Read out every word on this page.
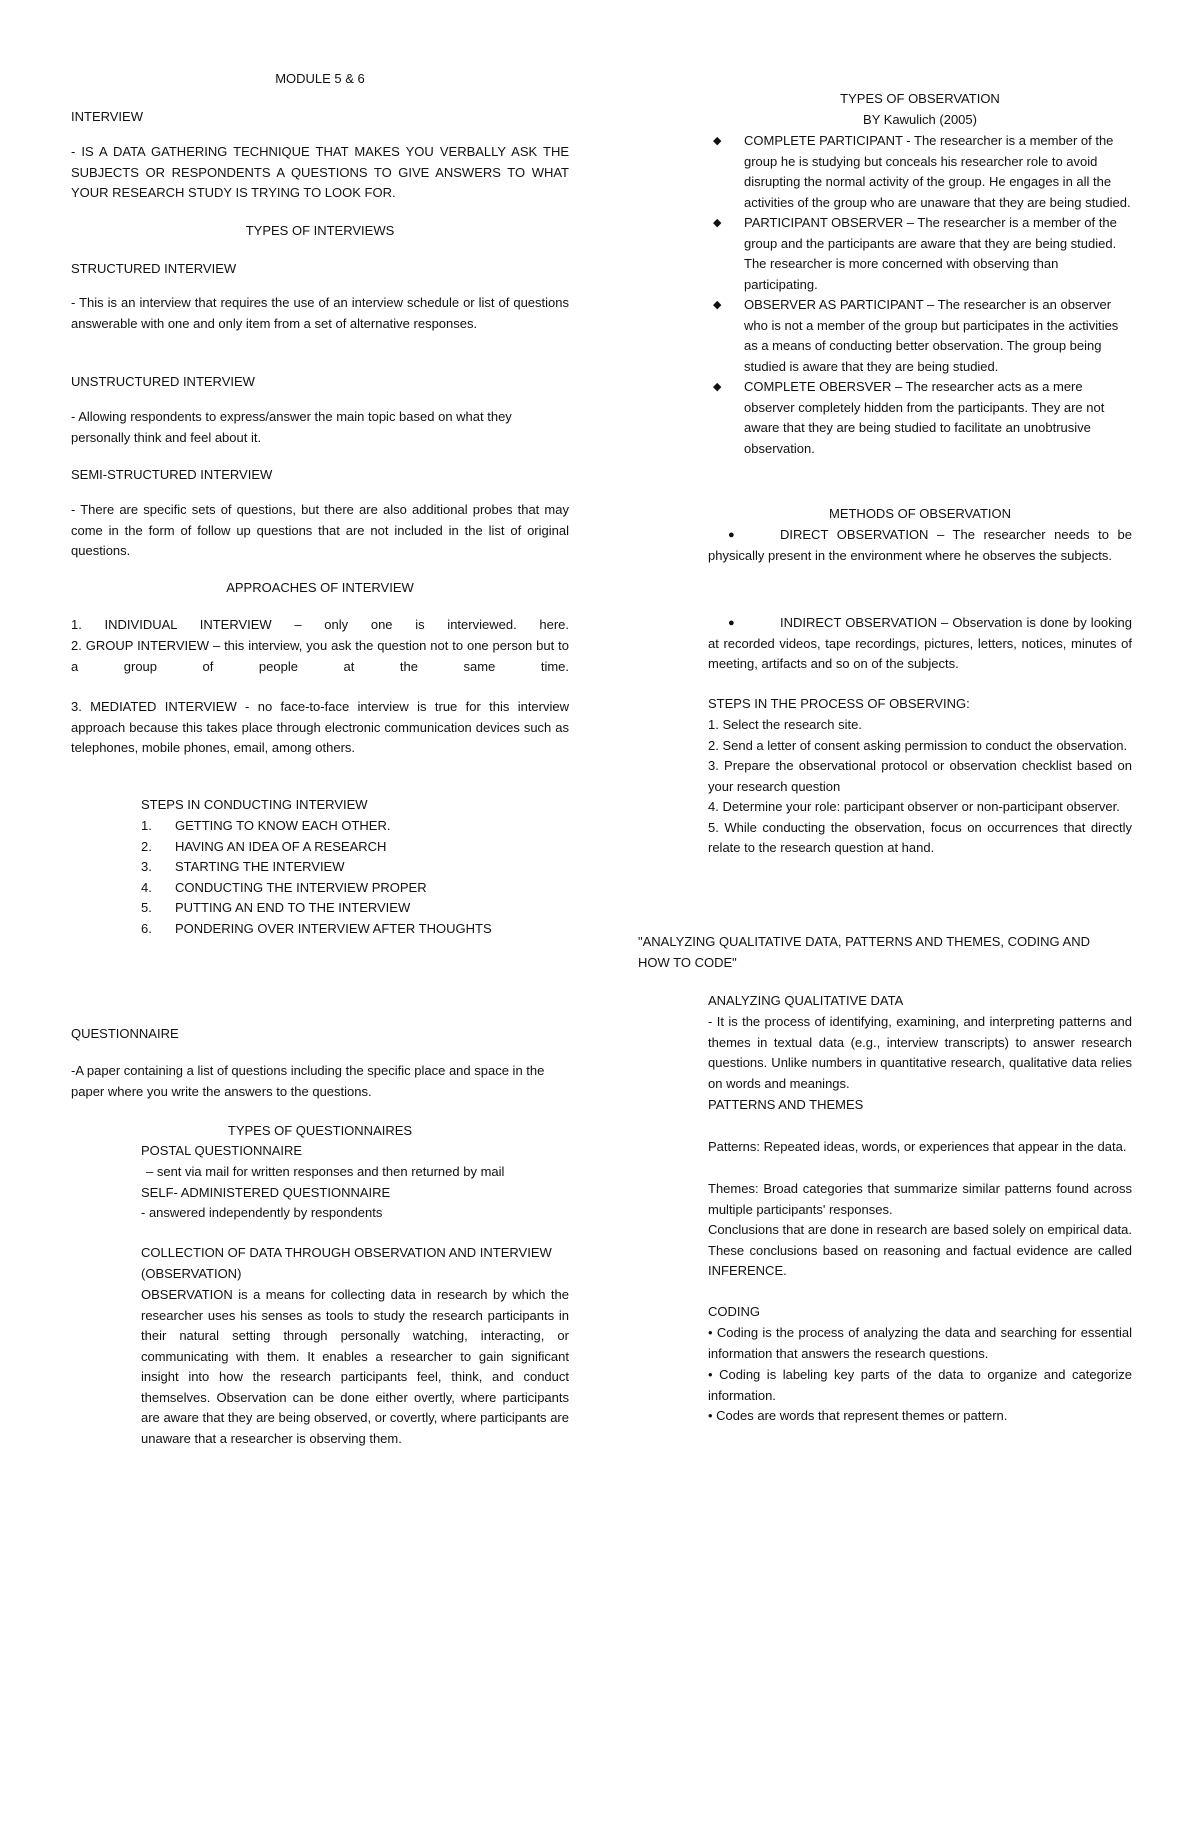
MODULE 5 & 6
INTERVIEW

- IS A DATA GATHERING TECHNIQUE THAT MAKES YOU VERBALLY ASK THE SUBJECTS OR RESPONDENTS A QUESTIONS TO GIVE ANSWERS TO WHAT YOUR RESEARCH STUDY IS TRYING TO LOOK FOR.

TYPES OF INTERVIEWS
STRUCTURED INTERVIEW

- This is an interview that requires the use of an interview schedule or list of questions answerable with one and only item from a set of alternative responses.

UNSTRUCTURED INTERVIEW

- Allowing respondents to express/answer the main topic based on what they personally think and feel about it.

SEMI-STRUCTURED INTERVIEW

- There are specific sets of questions, but there are also additional probes that may come in the form of follow up questions that are not included in the list of original questions.

APPROACHES OF INTERVIEW

1. INDIVIDUAL INTERVIEW – only one is interviewed. here.

2. GROUP INTERVIEW – this interview, you ask the question not to one person but to a group of people at the same time.

3. MEDIATED INTERVIEW - no face-to-face interview is true for this interview approach because this takes place through electronic communication devices such as telephones, mobile phones, email, among others.

STEPS IN CONDUCTING INTERVIEW
1. GETTING TO KNOW EACH OTHER.
2. HAVING AN IDEA OF A RESEARCH
3. STARTING THE INTERVIEW
4. CONDUCTING THE INTERVIEW PROPER
5. PUTTING AN END TO THE INTERVIEW
6. PONDERING OVER INTERVIEW AFTER THOUGHTS
QUESTIONNAIRE

-A paper containing a list of questions including the specific place and space in the paper where you write the answers to the questions.

TYPES OF QUESTIONNAIRES
POSTAL QUESTIONNAIRE
– sent via mail for written responses and then returned by mail
SELF- ADMINISTERED QUESTIONNAIRE
- answered independently by respondents

COLLECTION OF DATA THROUGH OBSERVATION AND INTERVIEW (OBSERVATION)

OBSERVATION is a means for collecting data in research by which the researcher uses his senses as tools to study the research participants in their natural setting through personally watching, interacting, or communicating with them. It enables a researcher to gain significant insight into how the research participants feel, think, and conduct themselves. Observation can be done either overtly, where participants are aware that they are being observed, or covertly, where participants are unaware that a researcher is observing them.

TYPES OF OBSERVATION
BY Kawulich (2005)
◆ COMPLETE PARTICIPANT - The researcher is a member of the group he is studying but conceals his researcher role to avoid disrupting the normal activity of the group. He engages in all the activities of the group who are unaware that they are being studied.

◆ PARTICIPANT OBSERVER – The researcher is a member of the group and the participants are aware that they are being studied. The researcher is more concerned with observing than participating.

◆ OBSERVER AS PARTICIPANT – The researcher is an observer who is not a member of the group but participates in the activities as a means of conducting better observation. The group being studied is aware that they are being studied.

◆ COMPLETE OBERSVER – The researcher acts as a mere observer completely hidden from the participants. They are not aware that they are being studied to facilitate an unobtrusive observation.

METHODS OF OBSERVATION
●	DIRECT OBSERVATION – The researcher needs to be physically present in the environment where he observes the subjects.

●	INDIRECT OBSERVATION – Observation is done by looking at recorded videos, tape recordings, pictures, letters, notices, minutes of meeting, artifacts and so on of the subjects.

STEPS IN THE PROCESS OF OBSERVING:

1. Select the research site.

2. Send a letter of consent asking permission to conduct the observation.

3. Prepare the observational protocol or observation checklist based on your research question

4. Determine your role: participant observer or non-participant observer.

5. While conducting the observation, focus on occurrences that directly relate to the research question at hand.

"ANALYZING QUALITATIVE DATA, PATTERNS AND THEMES, CODING AND HOW TO CODE"

ANALYZING QUALITATIVE DATA

- It is the process of identifying, examining, and interpreting patterns and themes in textual data (e.g., interview transcripts) to answer research questions. Unlike numbers in quantitative research, qualitative data relies on words and meanings.

PATTERNS AND THEMES

Patterns: Repeated ideas, words, or experiences that appear in the data.

Themes: Broad categories that summarize similar patterns found across multiple participants' responses.

Conclusions that are done in research are based solely on empirical data. These conclusions based on reasoning and factual evidence are called INFERENCE.

CODING

• Coding is the process of analyzing the data and searching for essential information that answers the research questions.

• Coding is labeling key parts of the data to organize and categorize information.

• Codes are words that represent themes or pattern.
